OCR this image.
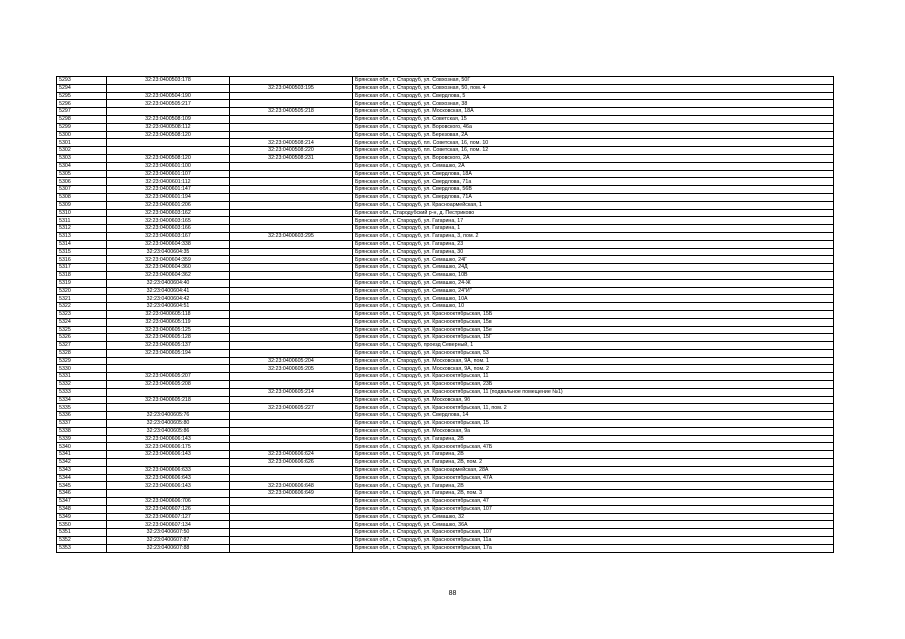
5293	32:23:0400503:178		Брянская обл., г. Стародуб, ул. Совхозная, 50Г
5294		32:23:0400503:195	Брянская обл., г. Стародуб, ул. Совхозная, 50, пом. 4
5295	32:23:0400504:190		Брянская обл., г. Стародуб, ул. Свердлова, 5
5296	32:23:0400505:217		Брянская обл., г. Стародуб, ул. Совхозная, 38
5297		32:23:0400505:218	Брянская обл., г. Стародуб, ул. Московская, 18А
5298	32:23:0400508:109		Брянская обл., г. Стародуб, ул. Советская, 15
5299	32:23:0400508:112		Брянская обл., г. Стародуб, ул. Воровского, 46а
5300	32:23:0400508:120		Брянская обл., г. Стародуб, ул. Березовая, 2А
5301		32:23:0400508:214	Брянская обл., г. Стародуб, пл. Советская, 16, пом. 10
5302		32:23:0400508:220	Брянская обл., г. Стародуб, пл. Советская, 16, пом. 12
5303	32:23:0400508:120	32:23:0400508:231	Брянская обл., г. Стародуб, ул. Воровского, 2А
5304	32:23:0400601:100		Брянская обл., г. Стародуб, ул. Семашко, 2А
5305	32:23:0400601:107		Брянская обл., г. Стародуб, ул. Свердлова, 18А
5306	32:23:0400601:112		Брянская обл., г. Стародуб, ул. Свердлова, 71а
5307	32:23:0400601:147		Брянская обл., г. Стародуб, ул. Свердлова, 56В
5308	32:23:0400601:194		Брянская обл., г. Стародуб, ул. Свердлова, 71А
5309	32:23:0400601:206		Брянская обл., г. Стародуб, ул. Красноармейская, 1
5310	32:23:0400603:162		Брянская обл., Стародубский р-н, д. Пестриково
5311	32:23:0400603:165		Брянская обл., г. Стародуб, ул. Гагарина, 17
5312	32:23:0400603:166		Брянская обл., г. Стародуб, ул. Гагарина, 1
5313	32:23:0400603:167	32:23:0400603:295	Брянская обл., г. Стародуб, ул. Гагарина, 3, пом. 2
5314	32:23:0400604:338		Брянская обл., г. Стародуб, ул. Гагарина, 23
5315	32:23:0400604:35		Брянская обл., г. Стародуб, ул. Гагарина, 30
5316	32:23:0400604:359		Брянская обл., г. Стародуб, ул. Семашко, 24Г
5317	32:23:0400604:360		Брянская обл., г. Стародуб, ул. Семашко, 24Д
5318	32:23:0400604:362		Брянская обл., г. Стародуб, ул. Семашко, 10В
5319	32:23:0400604:40		Брянская обл., г. Стародуб, ул. Семашко, 24-Ж
5320	32:23:0400604:41		Брянская обл., г. Стародуб, ул. Семашко, 24"И"
5321	32:23:0400604:42		Брянская обл., г. Стародуб, ул. Семашко, 10А
5322	32:23:0400604:51		Брянская обл., г. Стародуб, ул. Семашко, 10
5323	32:23:0400605:118		Брянская обл., г. Стародуб, ул. Краснооктябрьская, 15Б
5324	32:23:0400605:119		Брянская обл., г. Стародуб, ул. Краснооктябрьская, 15в
5325	32:23:0400605:125		Брянская обл., г. Стародуб, ул. Краснооктябрьская, 15е
5326	32:23:0400605:128		Брянская обл., г. Стародуб, ул. Краснооктябрьская, 15Г
5327	32:23:0400605:137		Брянская обл., г. Стародуб, проезд Северный, 1
5328	32:23:0400605:194		Брянская обл., г. Стародуб, ул. Краснооктябрьская, 53
5329		32:23:0400605:204	Брянская обл., г. Стародуб, ул. Московская, 9А, пом. 1
5330		32:23:0400605:205	Брянская обл., г. Стародуб, ул. Московская, 9А, пом. 2
5331	32:23:0400605:207		Брянская обл., г. Стародуб, ул. Краснооктябрьская, 11
5332	32:23:0400605:208		Брянская обл., г. Стародуб, ул. Краснооктябрьская, 23Б
5333		32:23:0400605:214	Брянская обл., г. Стародуб, ул. Краснооктябрьская, 11 (подвальное помещение №1)
5334	32:23:0400605:218		Брянская обл., г. Стародуб, ул. Московская, 9б
5335		32:23:0400605:227	Брянская обл., г. Стародуб, ул. Краснооктябрьская, 11, пом. 2
5336	32:23:0400605:76		Брянская обл., г. Стародуб, ул. Свердлова, 14
5337	32:23:0400605:80		Брянская обл., г. Стародуб, ул. Краснооктябрьская, 15
5338	32:23:0400605:86		Брянская обл., г. Стародуб, ул. Московская, 9а
5339	32:23:0400606:143		Брянская обл., г. Стародуб, ул. Гагарина, 2В
5340	32:23:0400606:175		Брянская обл., г. Стародуб, ул. Краснооктябрьская, 47Б
5341	32:23:0400606:143	32:23:0400606:624	Брянская обл., г. Стародуб, ул. Гагарина, 2В
5342		32:23:0400606:626	Брянская обл., г. Стародуб, ул. Гагарина, 2В, пом. 2
5343	32:23:0400606:633		Брянская обл., г. Стародуб, ул. Красноармейская, 28А
5344	32:23:0400606:643		Брянская обл., г. Стародуб, ул. Краснооктябрьская, 47А
5345	32:23:0400606:143	32:23:0400606:648	Брянская обл., г. Стародуб, ул. Гагарина, 2В
5346		32:23:0400606:649	Брянская обл., г. Стародуб, ул. Гагарина, 2В, пом. 3
5347	32:23:0400606:706		Брянская обл., г. Стародуб, ул. Краснооктябрьская, 47
5348	32:23:0400607:126		Брянская обл., г. Стародуб, ул. Краснооктябрьская, 107
5349	32:23:0400607:127		Брянская обл., г. Стародуб, ул. Семашко, 32
5350	32:23:0400607:134		Брянская обл., г. Стародуб, ул. Семашко, 36А
5351	32:23:0400607:50		Брянская обл., г. Стародуб, ул. Краснооктябрьская, 107
5352	32:23:0400607:87		Брянская обл., г. Стародуб, ул. Краснооктябрьская, 11а
5353	32:23:0400607:88		Брянская обл., г. Стародуб, ул. Краснооктябрьская, 17а
88
